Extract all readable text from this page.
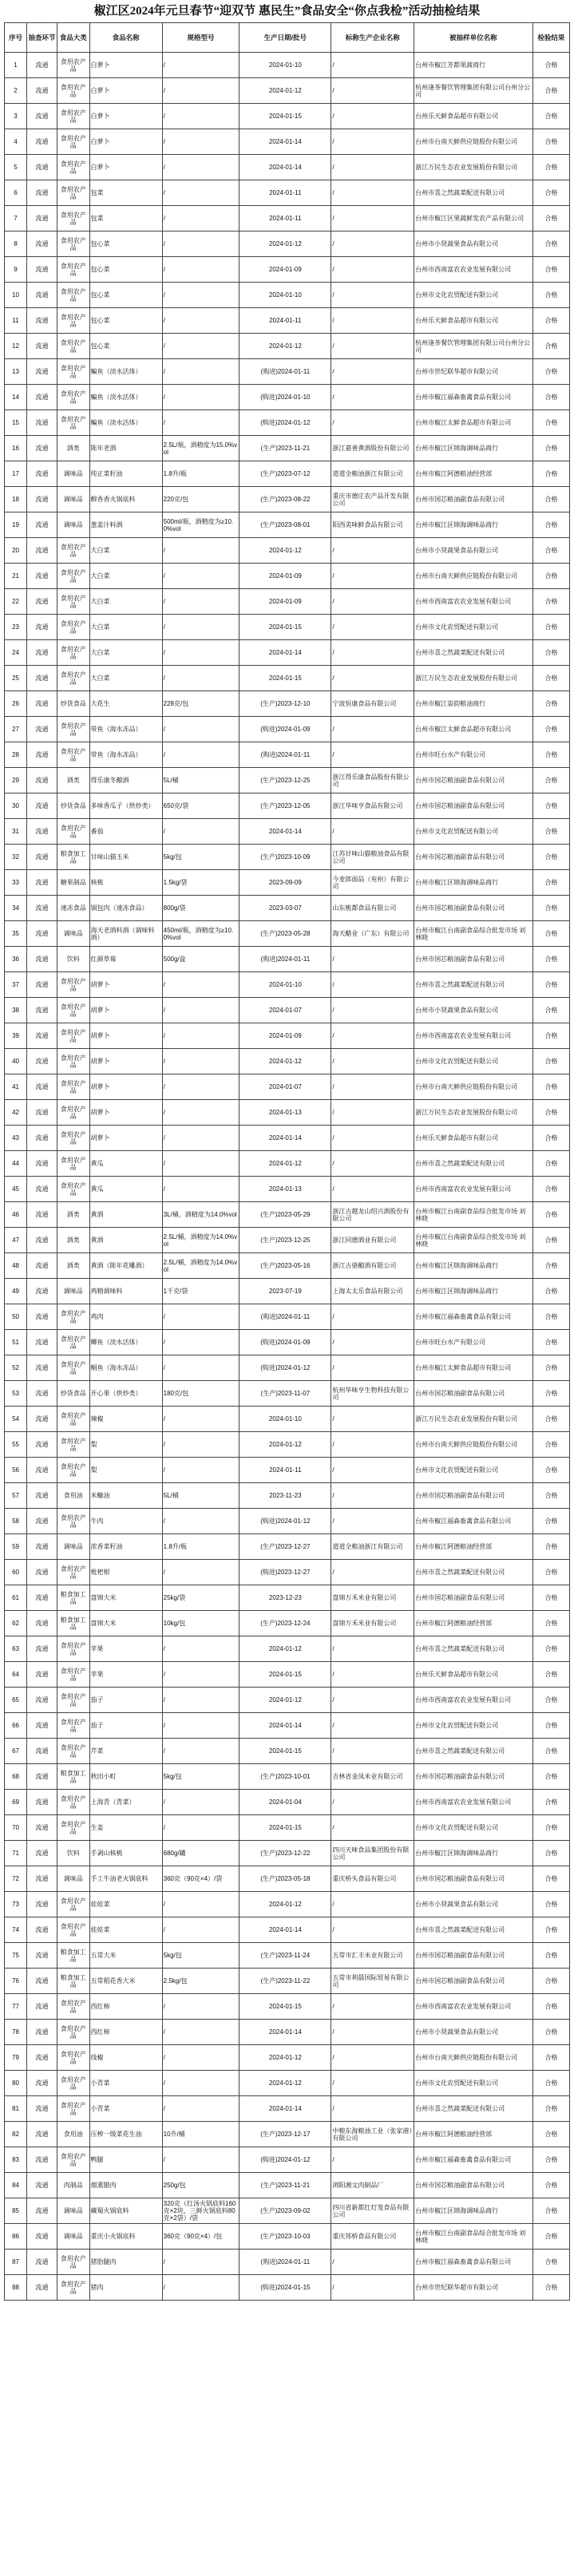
椒江区2024年元旦春节“迎双节 惠民生”食品安全“你点我检”活动抽检结果
序号	抽查环节	食品大类	食品名称	规格型号	生产日期/批号	标称生产企业名称	被抽样单位名称	检验结果
1	流通	食用农产品	白萝卜	/	2024-01-10	/	台州市椒江芳都果蔬商行	合格
2	流通	食用农产品	白萝卜	/	2024-01-12	/	杭州逢茶餐饮管理集团有限公司台州分公司	合格
3	流通	食用农产品	白萝卜	/	2024-01-15	/	台州乐天鲜食品超市有限公司	合格
4	流通	食用农产品	白萝卜	/	2024-01-14	/	台州市台南天鲜供应链股份有限公司	合格
5	流通	食用农产品	白萝卜	/	2024-01-14	/	浙江万民生态农业发展股份有限公司	合格
6	流通	食用农产品	包菜	/	2024-01-11	/	台州市喜之然蔬菜配送有限公司	合格
7	流通	食用农产品	包菜	/	2024-01-11	/	台州市椒江区果蔬鲜发农产品有限公司	合格
8	流通	食用农产品	包心菜	/	2024-01-12	/	台州市小贤蔬果食品有限公司	合格
9	流通	食用农产品	包心菜	/	2024-01-09	/	台州市西南富农农业发展有限公司	合格
10	流通	食用农产品	包心菜	/	2024-01-10	/	台州市文化农贸配送有限公司	合格
11	流通	食用农产品	包心菜	/	2024-01-11	/	台州乐天鲜食品超市有限公司	合格
12	流通	食用农产品	包心菜	/	2024-01-12	/	杭州逢茶餐饮管理集团有限公司台州分公司	合格
13	流通	食用农产品	鳊鱼（淡水活体）	/	(购进)2024-01-11	/	台州市世纪联华超市有限公司	合格
14	流通	食用农产品	鳊鱼（淡水活体）	/	(购进)2024-01-10	/	台州市椒江福森畜禽食品有限公司	合格
15	流通	食用农产品	鳊鱼（淡水活体）	/	(购进)2024-01-12	/	台州市椒江太鲜食品超市有限公司	合格
16	流通	酒类	陈年老酒	2.5L/瓶，酒精度为15.0%vol	(生产)2023-11-21	浙江嘉善黄酒股份有限公司	台州市椒江区锦海调味品商行	合格
17	流通	调味品	纯正菜籽油	1.8升/瓶	(生产)2023-07-12	道道全粮油浙江有限公司	台州市椒江阿德粮油经营部	合格
18	流通	调味品	醇香香火锅底料	220克/包	(生产)2023-08-22	重庆市德庄农产品开发有限公司	台州市国芯粮油副食品有限公司	合格
19	流通	调味品	葱姜汁料酒	500ml/瓶，酒精度为≥10.0%vol	(生产)2023-08-01	阳西美味鲜食品有限公司	台州市椒江区锦海调味品商行	合格
20	流通	食用农产品	大白菜	/	2024-01-12	/	台州市小贤蔬果食品有限公司	合格
21	流通	食用农产品	大白菜	/	2024-01-09	/	台州市台南天鲜供应链股份有限公司	合格
22	流通	食用农产品	大白菜	/	2024-01-09	/	台州市西南富农农业发展有限公司	合格
23	流通	食用农产品	大白菜	/	2024-01-15	/	台州市文化农贸配送有限公司	合格
24	流通	食用农产品	大白菜	/	2024-01-14	/	台州市喜之然蔬菜配送有限公司	合格
25	流通	食用农产品	大白菜	/	2024-01-15	/	浙江万民生态农业发展股份有限公司	合格
26	流通	炒货食品	大花生	228克/包	(生产)2023-12-10	宁波恒康食品有限公司	台州市椒江姿韵粮油商行	合格
27	流通	食用农产品	带鱼（海水冻品）	/	(购进)2024-01-09	/	台州市椒江太鲜食品超市有限公司	合格
28	流通	食用农产品	带鱼（海水冻品）	/	(购进)2024-01-11	/	台州市旺台水产有限公司	合格
29	流通	酒类	得乐康冬酿酒	5L/桶	(生产)2023-12-25	浙江得乐康食品股份有限公司	台州市国芯粮油副食品有限公司	合格
30	流通	炒货食品	多味香瓜子（烘炒类）	650克/袋	(生产)2023-12-05	浙江华味亨食品有限公司	台州市国芯粮油副食品有限公司	合格
31	流通	食用农产品	番茄	/	2024-01-14	/	台州市文化农贸配送有限公司	合格
32	流通	粮食加工品	甘味山猫玉米	5kg/包	(生产)2023-10-09	江苏甘味山猫粮油食品有限公司	台州市国芯粮油副食品有限公司	合格
33	流通	糖果制品	核桃	1.5kg/袋	2023-09-09	今麦郎面品（兖州）有限公司	台州市椒江区锦海调味品商行	合格
34	流通	速冻食品	锅包肉（速冻食品）	800g/袋	2023-03-07	山东桃都食品有限公司	台州市国芯粮油副食品有限公司	合格
35	流通	调味品	海天老酒料酒（调味料酒）	450ml/瓶，酒精度为≥10.0%vol	(生产)2023-05-28	海天醋业（广东）有限公司	台州市椒江台南副食品综合批发市场 刘林晓	合格
36	流通	饮料	红颜草莓	500g/盒	(购进)2024-01-11	/	台州市国芯粮油副食品有限公司	合格
37	流通	食用农产品	胡萝卜	/	2024-01-10	/	台州市喜之然蔬菜配送有限公司	合格
38	流通	食用农产品	胡萝卜	/	2024-01-07	/	台州市小贤蔬果食品有限公司	合格
39	流通	食用农产品	胡萝卜	/	2024-01-09	/	台州市西南富农农业发展有限公司	合格
40	流通	食用农产品	胡萝卜	/	2024-01-12	/	台州市文化农贸配送有限公司	合格
41	流通	食用农产品	胡萝卜	/	2024-01-07	/	台州市台南天鲜供应链股份有限公司	合格
42	流通	食用农产品	胡萝卜	/	2024-01-13	/	浙江万民生态农业发展股份有限公司	合格
43	流通	食用农产品	胡萝卜	/	2024-01-14	/	台州乐天鲜食品超市有限公司	合格
44	流通	食用农产品	黄瓜	/	2024-01-12	/	台州市喜之然蔬菜配送有限公司	合格
45	流通	食用农产品	黄瓜	/	2024-01-13	/	台州市西南富农农业发展有限公司	合格
46	流通	酒类	黄酒	3L/桶，酒精度为14.0%vol	(生产)2023-05-29	浙江古越龙山绍兴酒股份有限公司	台州市椒江台南副食品综合批发市场 刘林晓	合格
47	流通	酒类	黄酒	2.5L/桶，酒精度为14.0%vol	(生产)2023-12-25	浙江同德酒业有限公司	台州市椒江台南副食品综合批发市场 刘林晓	合格
48	流通	酒类	黄酒（陈年花雕酒）	2.5L/桶，酒精度为14.0%vol	(生产)2023-05-16	浙江古骆酿酒有限公司	台州市椒江区锦海调味品商行	合格
49	流通	调味品	鸡精调味料	1千克/袋	2023-07-19	上海太太乐食品有限公司	台州市椒江区锦海调味品商行	合格
50	流通	食用农产品	鸡肉	/	(购进)2024-01-11	/	台州市椒江福森畜禽食品有限公司	合格
51	流通	食用农产品	鲫鱼（淡水活体）	/	(购进)2024-01-09	/	台州市旺台水产有限公司	合格
52	流通	食用农产品	鲳鱼（海水冻品）	/	(购进)2024-01-12	/	台州市椒江太鲜食品超市有限公司	合格
53	流通	炒货食品	开心果（烘炒类）	180克/包	(生产)2023-11-07	杭州华味亨生物科技有限公司	台州市国芯粮油副食品有限公司	合格
54	流通	食用农产品	辣椒	/	2024-01-10	/	浙江万民生态农业发展股份有限公司	合格
55	流通	食用农产品	梨	/	2024-01-12	/	台州市台南天鲜供应链股份有限公司	合格
56	流通	食用农产品	梨	/	2024-01-11	/	台州市文化农贸配送有限公司	合格
57	流通	食用油	米糠油	5L/桶	2023-11-23	/	台州市国芯粮油副食品有限公司	合格
58	流通	食用农产品	牛肉	/	(购进)2024-01-12	/	台州市椒江福森畜禽食品有限公司	合格
59	流通	调味品	浓香菜籽油	1.8升/瓶	(生产)2023-12-27	道道全粮油浙江有限公司	台州市椒江阿德粮油经营部	合格
60	流通	食用农产品	枇杷柑	/	(购进)2023-12-27	/	台州市喜之然蔬菜配送有限公司	合格
61	流通	粮食加工品	盘锦大米	25kg/袋	2023-12-23	盘锦万禾米业有限公司	台州市国芯粮油副食品有限公司	合格
62	流通	粮食加工品	盘锦大米	10kg/包	(生产)2023-12-24	盘锦万禾米业有限公司	台州市椒江阿德粮油经营部	合格
63	流通	食用农产品	苹果	/	2024-01-12	/	台州市喜之然蔬菜配送有限公司	合格
64	流通	食用农产品	苹果	/	2024-01-15	/	台州乐天鲜食品超市有限公司	合格
65	流通	食用农产品	茄子	/	2024-01-12	/	台州市西南富农农业发展有限公司	合格
66	流通	食用农产品	茄子	/	2024-01-14	/	台州市文化农贸配送有限公司	合格
67	流通	食用农产品	芹菜	/	2024-01-15	/	台州市喜之然蔬菜配送有限公司	合格
68	流通	粮食加工品	秋田小町	5kg/包	(生产)2023-10-01	吉林省金凤米业有限公司	台州市国芯粮油副食品有限公司	合格
69	流通	食用农产品	上海青（青菜）	/	2024-01-04	/	台州市西南富农农业发展有限公司	合格
70	流通	食用农产品	生姜	/	2024-01-15	/	台州市文化农贸配送有限公司	合格
71	流通	饮料	手剥山核桃	680g/罐	(生产)2023-12-22	四川天味食品集团股份有限公司	台州市椒江区锦海调味品商行	合格
72	流通	调味品	手工牛油老火锅底料	360克（90克×4）/袋	(生产)2023-05-18	重庆桥头食品有限公司	台州市国芯粮油副食品有限公司	合格
73	流通	食用农产品	娃娃菜	/	2024-01-12	/	台州市小贤蔬果食品有限公司	合格
74	流通	食用农产品	娃娃菜	/	2024-01-14	/	台州市喜之然蔬菜配送有限公司	合格
75	流通	粮食加工品	五常大米	5kg/包	(生产)2023-11-24	五常市汇丰米业有限公司	台州市国芯粮油副食品有限公司	合格
76	流通	粮食加工品	五常稻花香大米	2.5kg/包	(生产)2023-11-22	五常市利晨国际贸易有限公司	台州市国芯粮油副食品有限公司	合格
77	流通	食用农产品	西红柿	/	2024-01-15	/	台州市西南富农农业发展有限公司	合格
78	流通	食用农产品	西红柿	/	2024-01-14	/	台州市小贤蔬果食品有限公司	合格
79	流通	食用农产品	线椒	/	2024-01-12	/	台州市台南天鲜供应链股份有限公司	合格
80	流通	食用农产品	小青菜	/	2024-01-12	/	台州市文化农贸配送有限公司	合格
81	流通	食用农产品	小青菜	/	2024-01-14	/	台州市喜之然蔬菜配送有限公司	合格
82	流通	食用油	压榨一级菜花生油	10升/桶	(生产)2023-12-17	中粮东海粮油工业（张家港）有限公司	台州市椒江阿德粮油经营部	合格
83	流通	食用农产品	鸭腿	/	(购进)2024-01-12	/	台州市椒江福森畜禽食品有限公司	合格
84	流通	肉制品	烟熏腊肉	250g/包	(生产)2023-11-21	浏阳湘文肉制品厂	台州市国芯粮油副食品有限公司	合格
85	流通	调味品	藏蜀火锅底料	320克（红汤火锅底料160克×2块，三鲜火锅底料80克×2袋）/袋	(生产)2023-09-02	四川省新都红灯笼食品有限公司	台州市椒江区锦海调味品商行	合格
86	流通	调味品	重庆小火锅底料	360克（90克×4）/包	(生产)2023-10-03	重庆邦桥食品有限公司	台州市椒江台南副食品综合批发市场 刘林晓	合格
87	流通	食用农产品	猪肋腿肉	/	(购进)2024-01-11	/	台州市椒江福森畜禽食品有限公司	合格
88	流通	食用农产品	猪肉	/	(购进)2024-01-15	/	台州市世纪联华超市有限公司	合格
